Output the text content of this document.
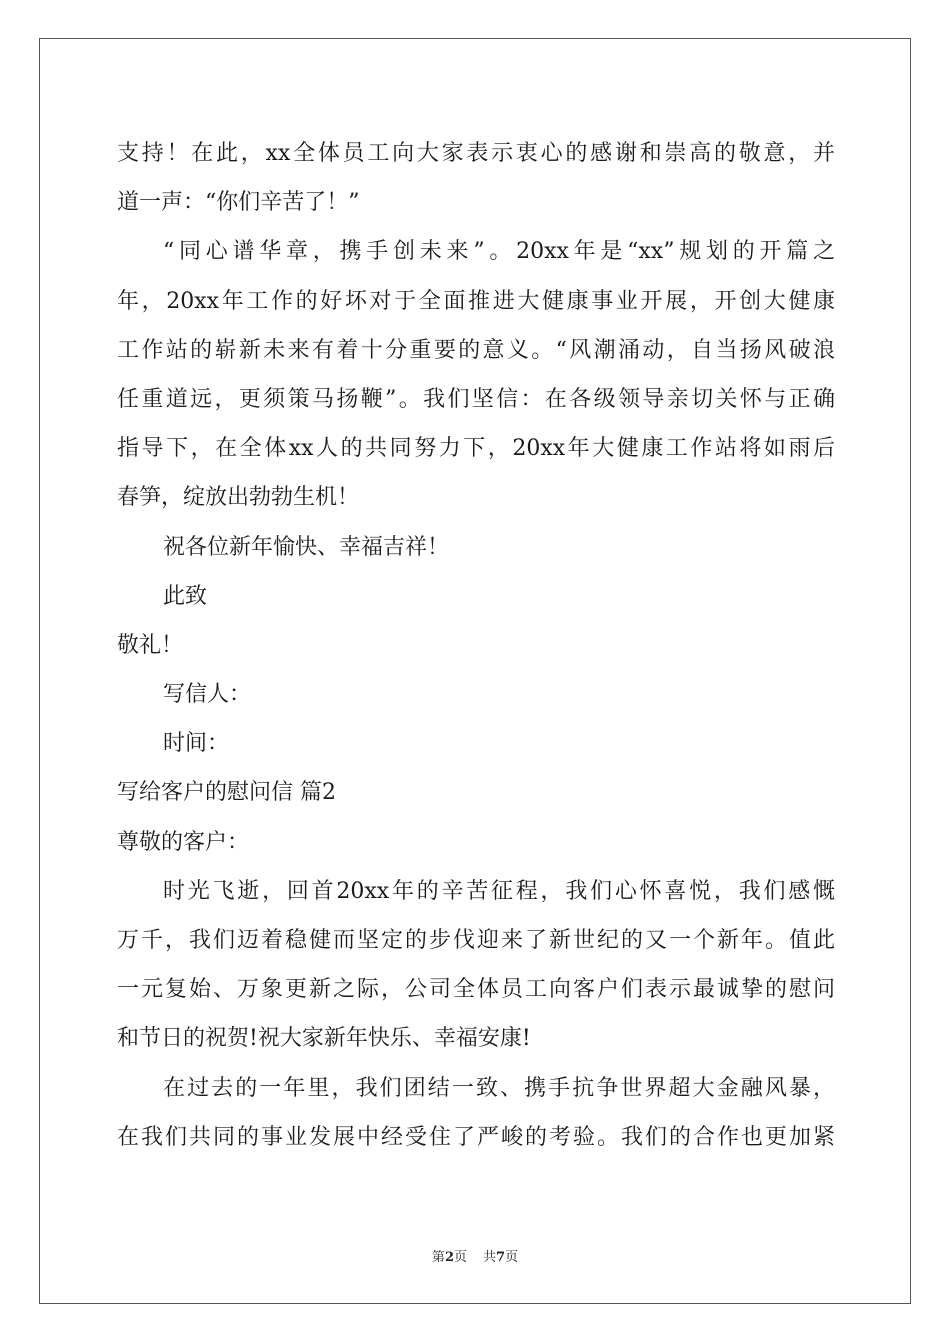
支持！在此，xx全体员工向大家表示衷心的感谢和崇高的敬意，并
道一声：“你们辛苦了！”
“同心谱华章，携手创未来”。20xx年是“xx”规划的开篇之
年，20xx年工作的好坏对于全面推进大健康事业开展，开创大健康
工作站的崭新未来有着十分重要的意义。“风潮涌动，自当扬风破浪
任重道远，更须策马扬鞭”。我们坚信：在各级领导亲切关怀与正确
指导下，在全体xx人的共同努力下，20xx年大健康工作站将如雨后
春笋，绽放出勃勃生机！
祝各位新年愉快、幸福吉祥！
此致
敬礼！
写信人：
时间：
写给客户的慰问信 篇2
尊敬的客户：
时光飞逝，回首20xx年的辛苦征程，我们心怀喜悦，我们感慨
万千，我们迈着稳健而坚定的步伐迎来了新世纪的又一个新年。值此
一元复始、万象更新之际，公司全体员工向客户们表示最诚挚的慰问
和节日的祝贺!祝大家新年快乐、幸福安康!
在过去的一年里，我们团结一致、携手抗争世界超大金融风暴，
在我们共同的事业发展中经受住了严峻的考验。我们的合作也更加紧
第2页 共7页
